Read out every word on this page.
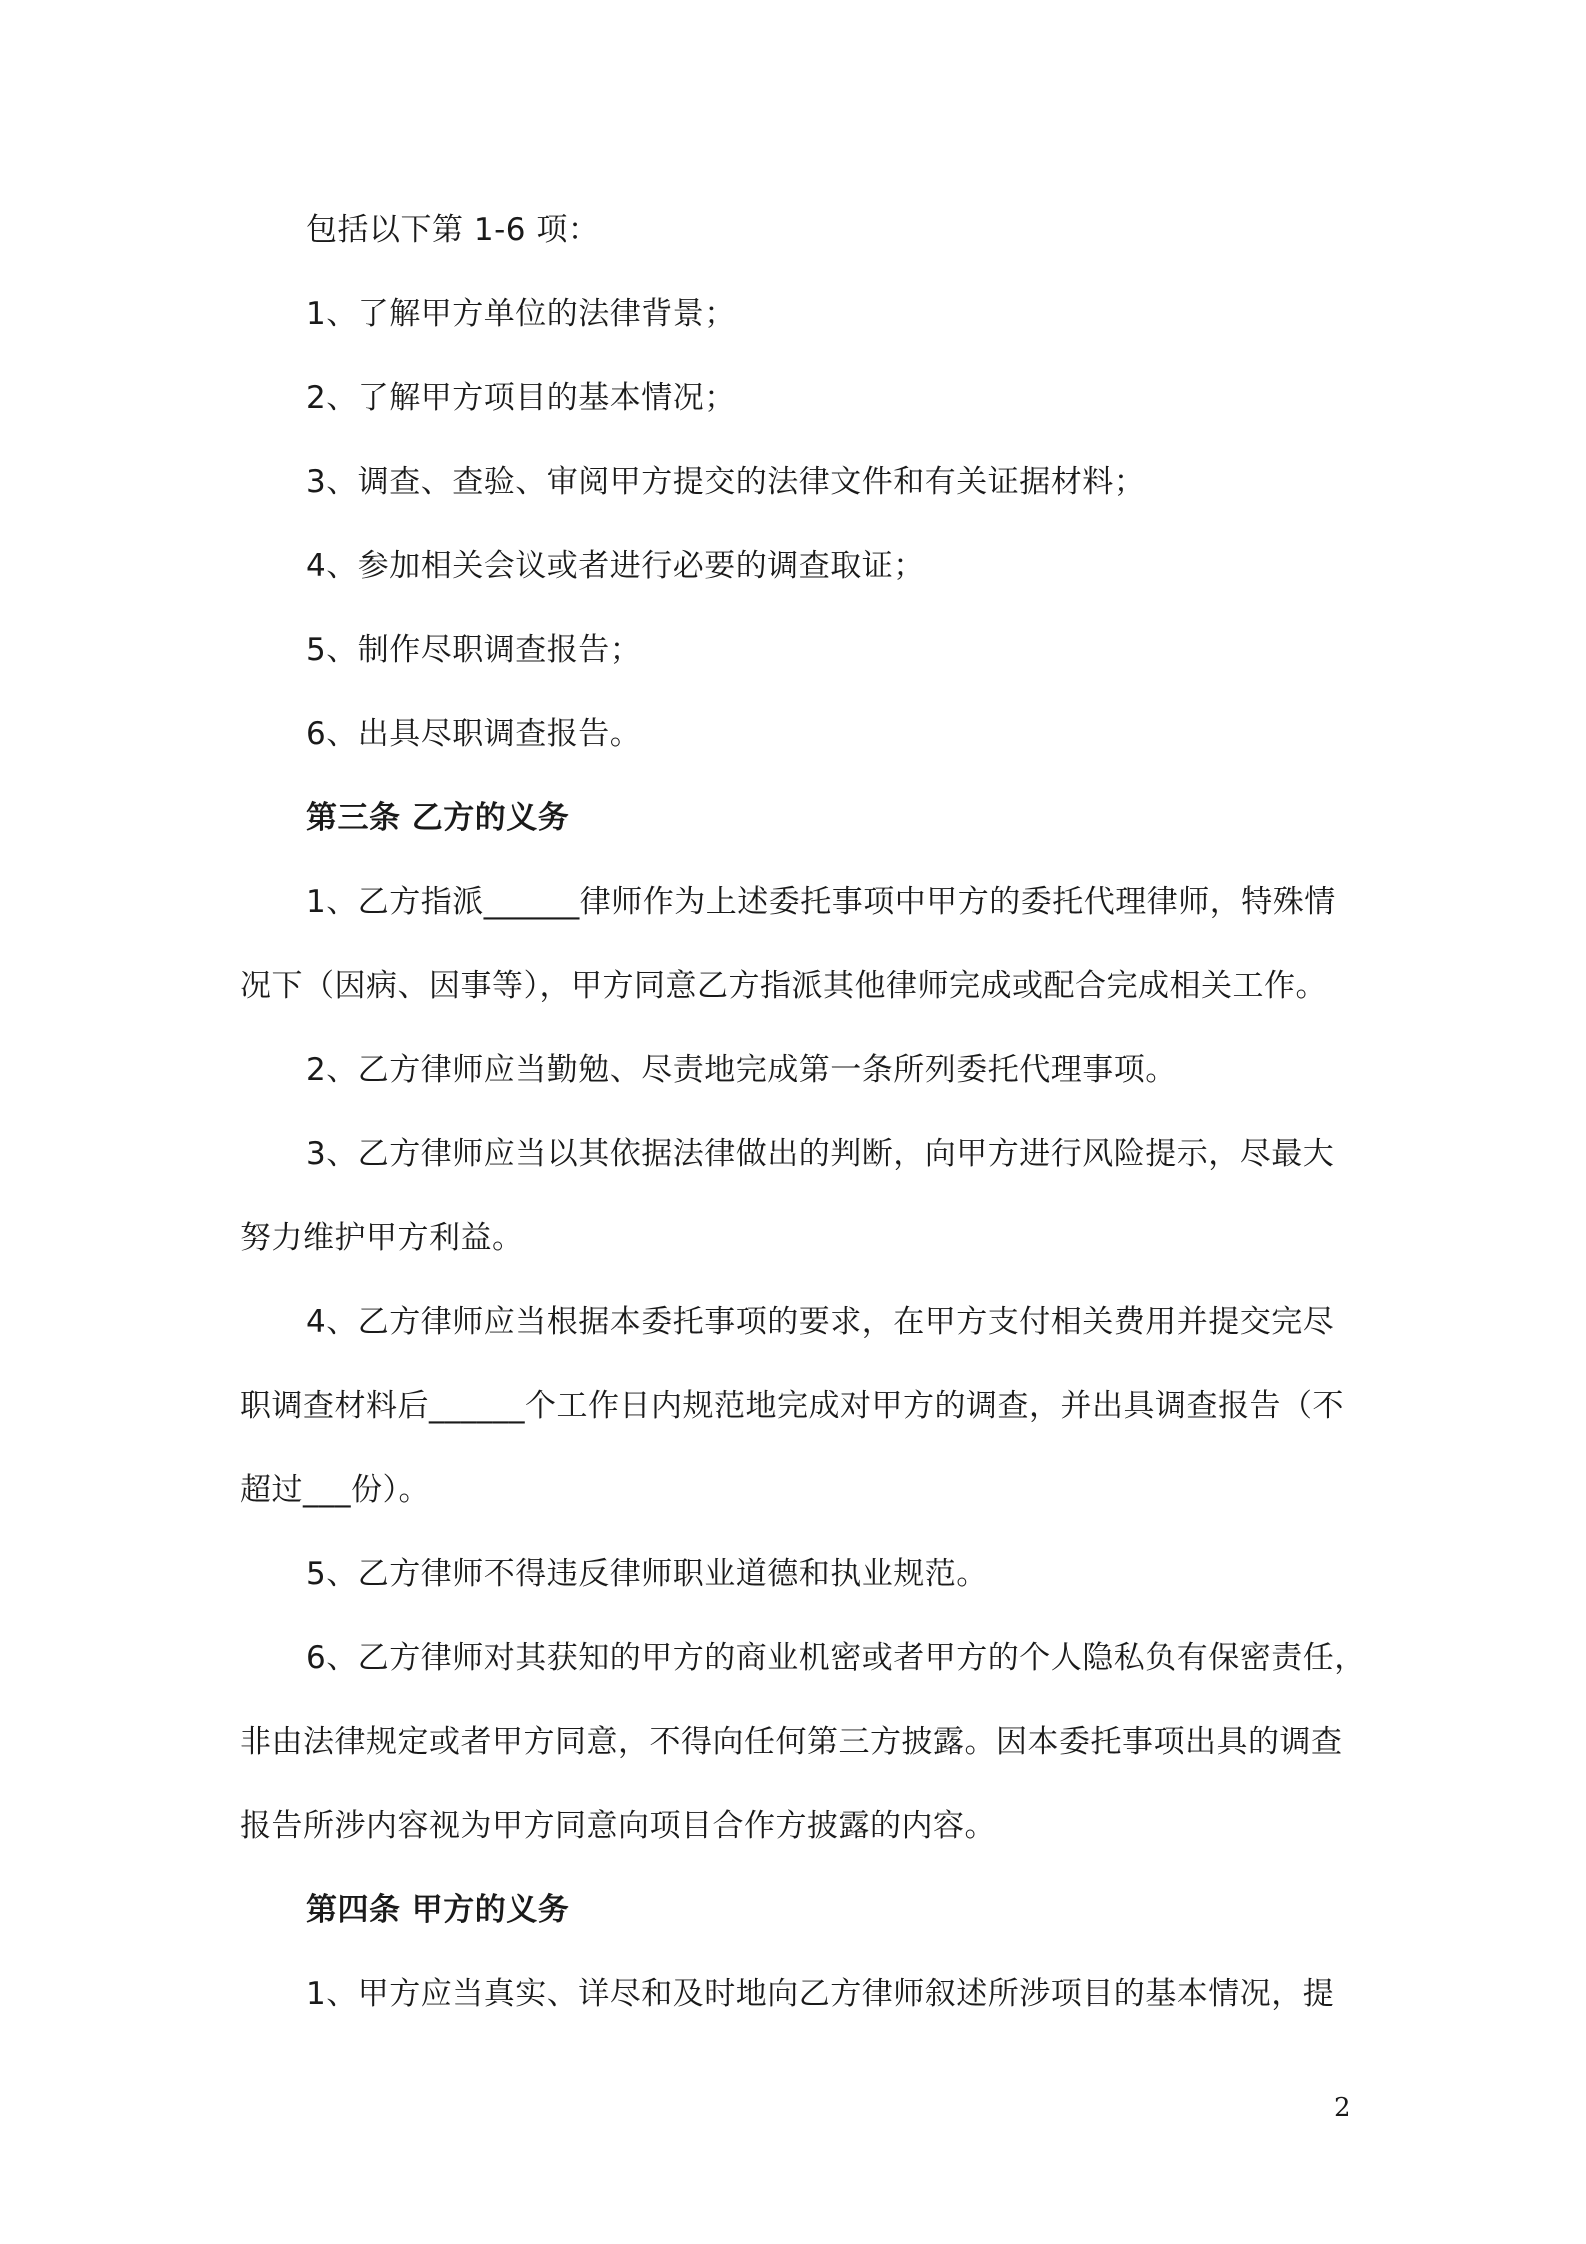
包括以下第 1-6 项：
1、了解甲方单位的法律背景；
2、了解甲方项目的基本情况；
3、调查、查验、审阅甲方提交的法律文件和有关证据材料；
4、参加相关会议或者进行必要的调查取证；
5、制作尽职调查报告；
6、出具尽职调查报告。
第三条 乙方的义务
1、乙方指派______律师作为上述委托事项中甲方的委托代理律师，特殊情
况下（因病、因事等），甲方同意乙方指派其他律师完成或配合完成相关工作。
2、乙方律师应当勤勉、尽责地完成第一条所列委托代理事项。
3、乙方律师应当以其依据法律做出的判断，向甲方进行风险提示，尽最大
努力维护甲方利益。
4、乙方律师应当根据本委托事项的要求，在甲方支付相关费用并提交完尽
职调查材料后______个工作日内规范地完成对甲方的调查，并出具调查报告（不
超过___份）。
5、乙方律师不得违反律师职业道德和执业规范。
6、乙方律师对其获知的甲方的商业机密或者甲方的个人隐私负有保密责任，
非由法律规定或者甲方同意，不得向任何第三方披露。因本委托事项出具的调查
报告所涉内容视为甲方同意向项目合作方披露的内容。
第四条 甲方的义务
1、甲方应当真实、详尽和及时地向乙方律师叙述所涉项目的基本情况，提
2
